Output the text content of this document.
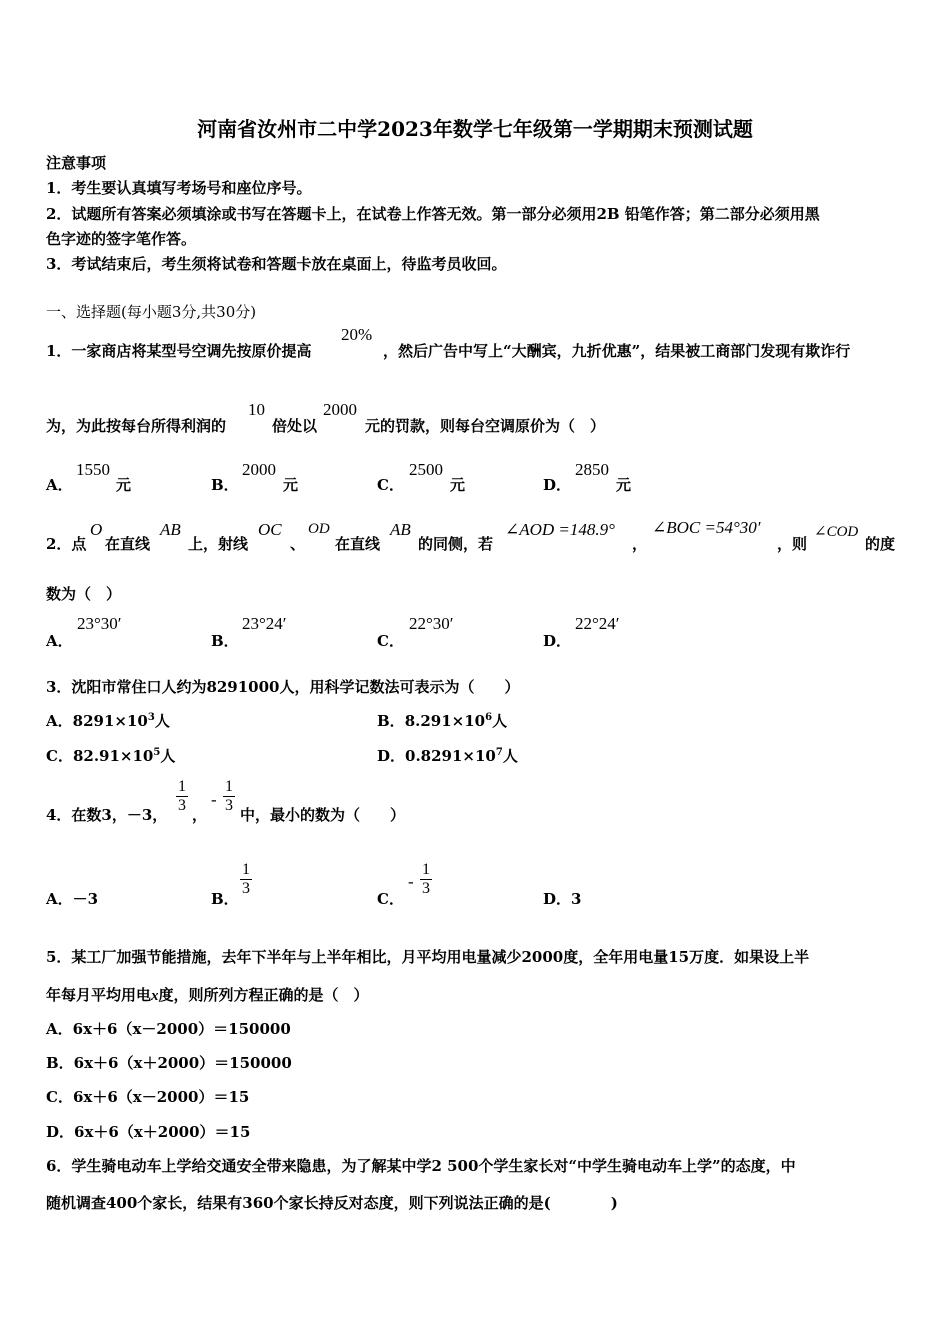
河南省汝州市二中学2023年数学七年级第一学期期末预测试题
注意事项
1．考生要认真填写考场号和座位序号。
2．试题所有答案必须填涂或书写在答题卡上，在试卷上作答无效。第一部分必须用2B 铅笔作答；第二部分必须用黑
色字迹的签字笔作答。
3．考试结束后，考生须将试卷和答题卡放在桌面上，待监考员收回。
一、选择题(每小题3分,共30分)
1．一家商店将某型号空调先按原价提高
20%
，然后广告中写上“大酬宾，九折优惠”，结果被工商部门发现有欺诈行
为，为此按每台所得利润的
10
倍处以
2000
元的罚款，则每台空调原价为（　）
A．
1550
元	B．
2000
元	C．
2500
元	D．
2850
元
2．点
O
在直线
AB
上，射线
OC
、
OD
在直线
AB
的同侧，若
∠AOD =148.9°
，
∠BOC =54°30′
，则
∠COD
的度
数为（　）
A．
23°30′
B．
23°24′
C．
22°30′
D．
22°24′
3．沈阳市常住口人约为8291000人，用科学记数法可表示为（　　）
A．$8291\times 10^3$人	B．$8.291\times 10^6$人
C．$82.91\times 10^5$人	D．$0.8291\times 10^7$人
4．在数3，－3，
1
3
，
-
1
3
中，最小的数为（　　）
A．－3	B．
1
3
C．
-
1
3
D．3
5．某工厂加强节能措施，去年下半年与上半年相比，月平均用电量减少2000度，全年用电量15万度．如果设上半
年每月平均用电x度，则所列方程正确的是（　）
A．6x＋6（x－2000）＝150000
B．6x＋6（x＋2000）＝150000
C．6x＋6（x－2000）＝15
D．6x＋6（x＋2000）＝15
6．学生骑电动车上学给交通安全带来隐患，为了解某中学2 500个学生家长对“中学生骑电动车上学”的态度，中
随机调查400个家长，结果有360个家长持反对态度，则下列说法正确的是(　　　　)
